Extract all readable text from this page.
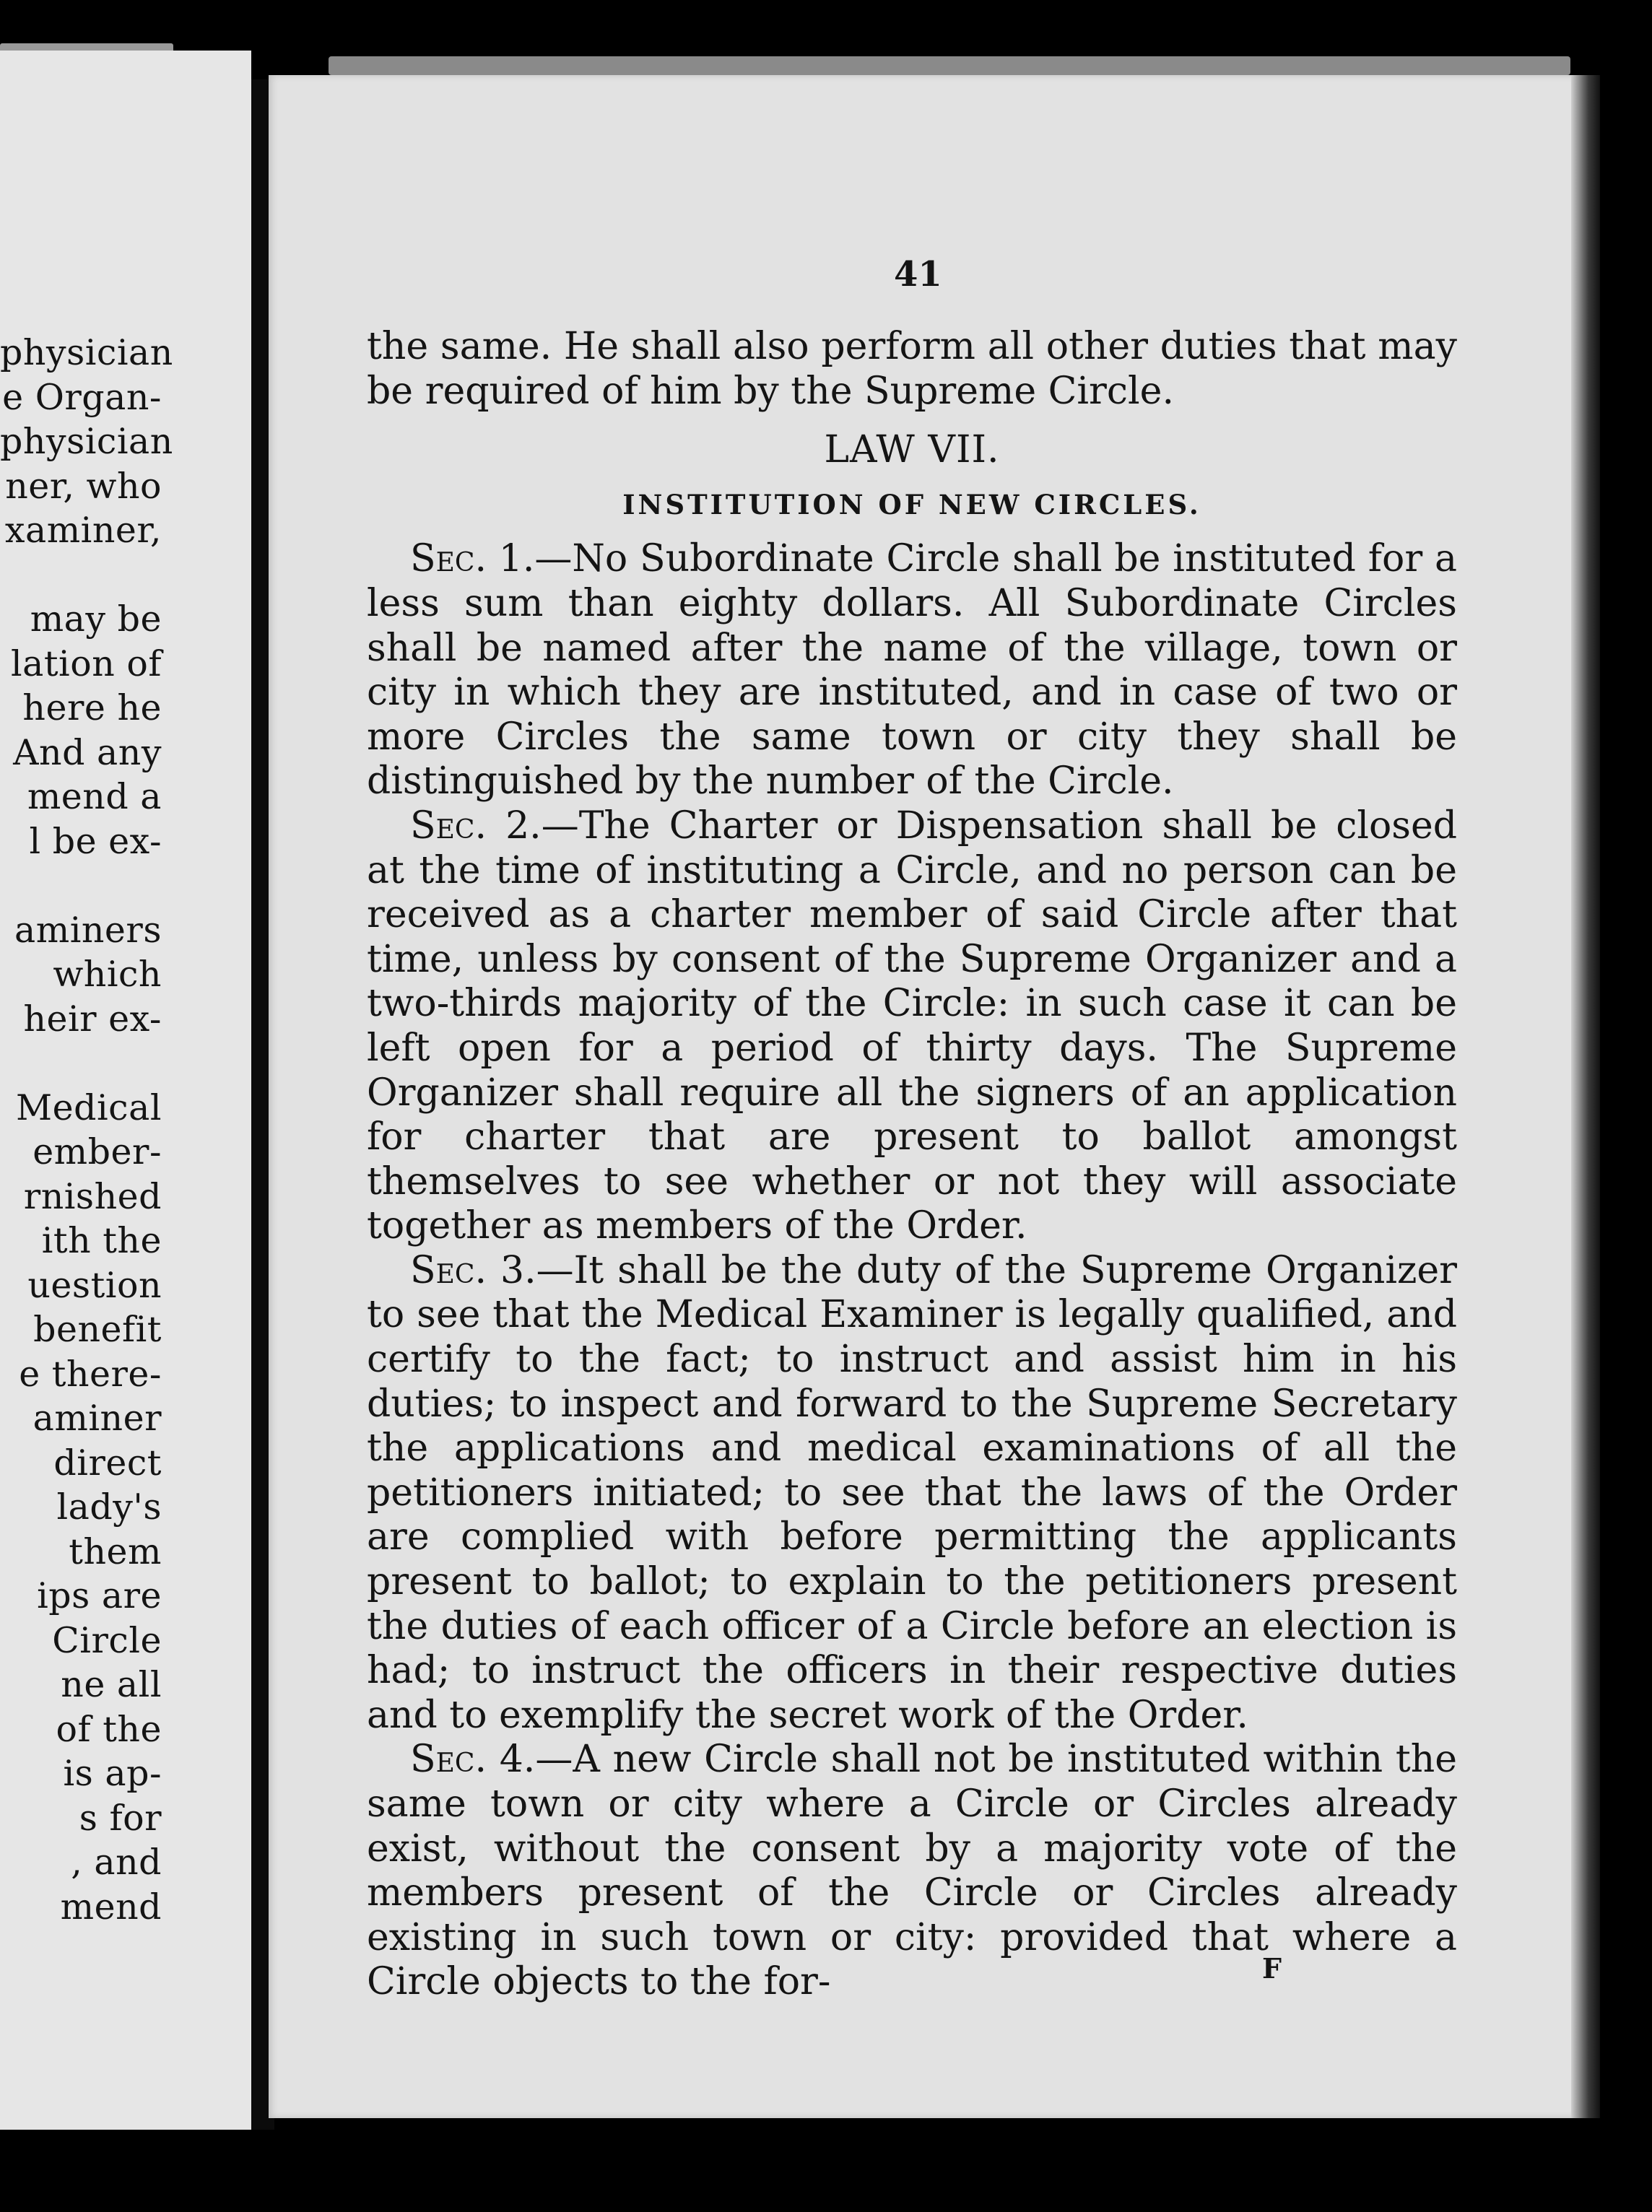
physician
e Organ-
physician
ner, who
xaminer,
may be
lation of
here he
And any
mend a
l be ex-
aminers
which
heir ex-
Medical
ember-
rnished
ith the
uestion
benefit
e there-
aminer
direct
lady's
them
ips are
Circle
ne all
of the
is ap-
s for
, and
mend
41

the same. He shall also perform all other duties that may be required of him by the Supreme Circle.

LAW VII.
INSTITUTION OF NEW CIRCLES.

Sec. 1.—No Subordinate Circle shall be instituted for a less sum than eighty dollars. All Subordinate Circles shall be named after the name of the village, town or city in which they are instituted, and in case of two or more Circles the same town or city they shall be distinguished by the number of the Circle.

Sec. 2.—The Charter or Dispensation shall be closed at the time of instituting a Circle, and no person can be received as a charter member of said Circle after that time, unless by consent of the Supreme Organizer and a two-thirds majority of the Circle: in such case it can be left open for a period of thirty days. The Supreme Organizer shall require all the signers of an application for charter that are present to ballot amongst themselves to see whether or not they will associate together as members of the Order.

Sec. 3.—It shall be the duty of the Supreme Organizer to see that the Medical Examiner is legally qualified, and certify to the fact; to instruct and assist him in his duties; to inspect and forward to the Supreme Secretary the applications and medical examinations of all the petitioners initiated; to see that the laws of the Order are complied with before permitting the applicants present to ballot; to explain to the petitioners present the duties of each officer of a Circle before an election is had; to instruct the officers in their respective duties and to exemplify the secret work of the Order.

Sec. 4.—A new Circle shall not be instituted within the same town or city where a Circle or Circles already exist, without the consent by a majority vote of the members present of the Circle or Circles already existing in such town or city: provided that where a Circle objects to the for-	F
